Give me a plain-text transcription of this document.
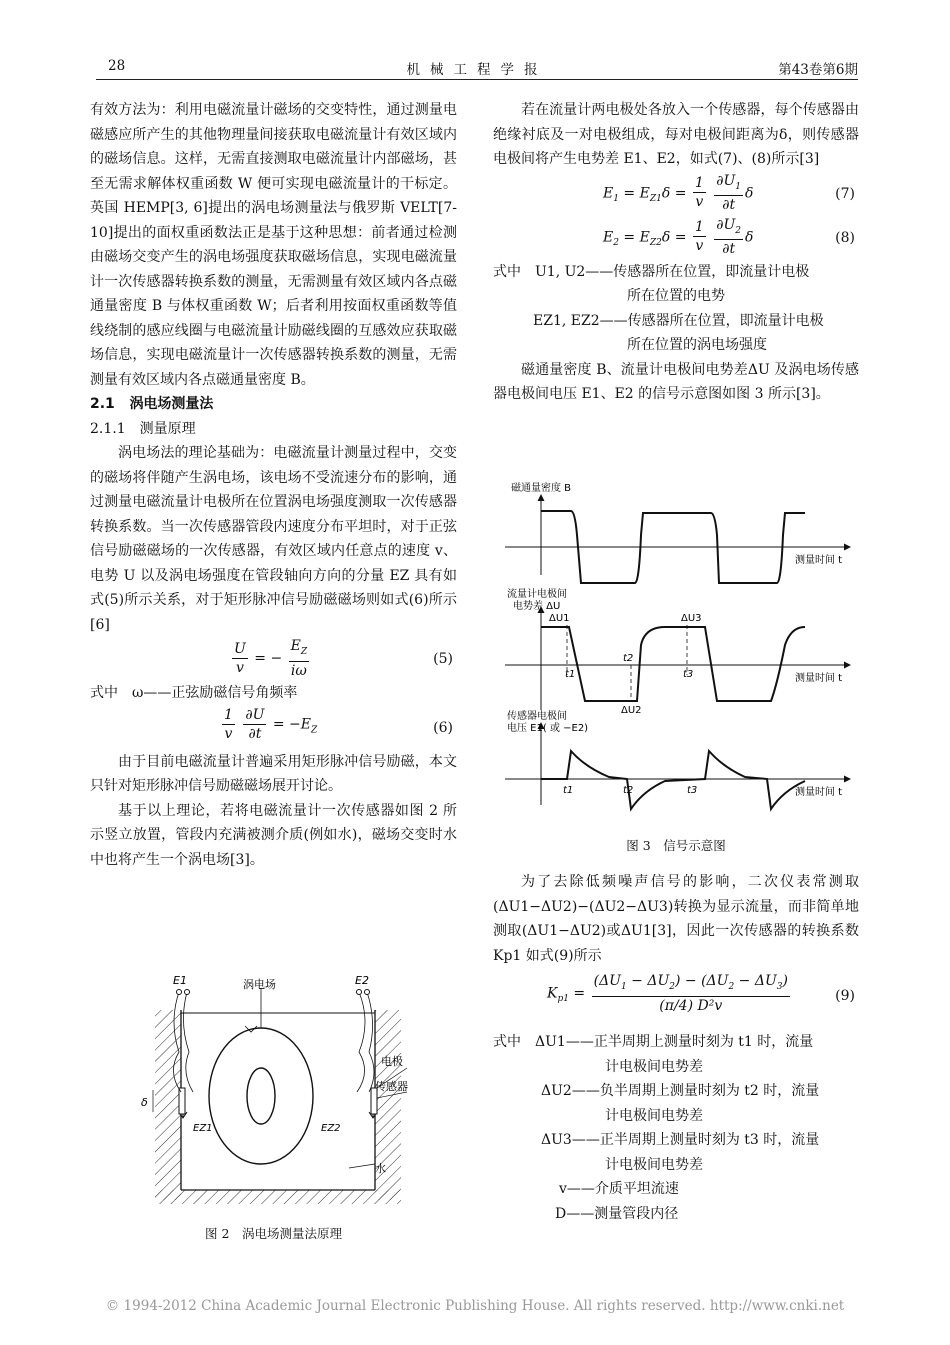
28	机械工程学报	第43卷第6期

有效方法为：利用电磁流量计磁场的交变特性，通过测量电磁感应所产生的其他物理量间接获取电磁流量计有效区域内的磁场信息。这样，无需直接测取电磁流量计内部磁场，甚至无需求解体权重函数 W 便可实现电磁流量计的干标定。英国 HEMP[3, 6]提出的涡电场测量法与俄罗斯 VELT[7-10]提出的面权重函数法正是基于这种思想：前者通过检测由磁场交变产生的涡电场强度获取磁场信息，实现电磁流量计一次传感器转换系数的测量，无需测量有效区域内各点磁通量密度 B 与体权重函数 W；后者利用按面权重函数等值线绕制的感应线圈与电磁流量计励磁线圈的互感效应获取磁场信息，实现电磁流量计一次传感器转换系数的测量，无需测量有效区域内各点磁通量密度 B。

2.1 涡电场测量法

2.1.1　测量原理

涡电场法的理论基础为：电磁流量计测量过程中，交变的磁场将伴随产生涡电场，该电场不受流速分布的影响，通过测量电磁流量计电极所在位置涡电场强度测取一次传感器转换系数。当一次传感器管段内速度分布平坦时，对于正弦信号励磁磁场的一次传感器，有效区域内任意点的速度 v、电势 U 以及涡电场强度在管段轴向方向的分量 EZ 具有如式(5)所示关系，对于矩形脉冲信号励磁磁场则如式(6)所示[6]

$\frac{U}{v}$ = − $\frac{E_Z}{i\omega}$	(5)

式中　ω——正弦励磁信号角频率

$\frac{1}{v}$
$\frac{\partial U}{\partial t} = -E_Z$	(6)

由于目前电磁流量计普遍采用矩形脉冲信号励磁，本文只针对矩形脉冲信号励磁磁场展开讨论。

基于以上理论，若将电磁流量计一次传感器如图 2 所示竖立放置，管段内充满被测介质(例如水)，磁场交变时水中也将产生一个涡电场[3]。

E1	E2
涡电场
电极
传感器
δ
EZ1	EZ2
水
图 2　涡电场测量法原理

若在流量计两电极处各放入一个传感器，每个传感器由绝缘衬底及一对电极组成，每对电极间距离为δ，则传感器电极间将产生电势差 E1、E2，如式(7)、(8)所示[3]

$E_1 = E_{Z1}\delta = \frac{1}{v}$
$\frac{\partial U_1}{\partial t}$ δ	(7)
$E_2 = E_{Z2}\delta = \frac{1}{v}$
$\frac{\partial U_2}{\partial t}$ δ	(8)

式中　U1, U2——传感器所在位置，即流量计电极

所在位置的电势

EZ1, EZ2——传感器所在位置，即流量计电极

所在位置的涡电场强度

磁通量密度 B、流量计电极间电势差ΔU 及涡电场传感器电极间电压 E1、E2 的信号示意图如图 3 所示[3]。

磁通量密度 B
测量时间 t
流量计电极间
电势差 ΔU
ΔU1
ΔU2
ΔU3
t1
t2
t3	测量时间 t
传感器电极间
电压 E1( 或 −E2)
t1	t2	t3	测量时间 t
图 3　信号示意图

为了去除低频噪声信号的影响，二次仪表常测取(ΔU1−ΔU2)−(ΔU2−ΔU3)转换为显示流量，而非简单地测取(ΔU1−ΔU2)或ΔU1[3]，因此一次传感器的转换系数 Kp1 如式(9)所示

$K_{p1} = \frac{(\Delta U_1 - \Delta U_2) - (\Delta U_2 - \Delta U_3)}{\text{(π/4) D²v}}$	(9)

式中　ΔU1——正半周期上测量时刻为 t1 时，流量

计电极间电势差

ΔU2——负半周期上测量时刻为 t2 时，流量

计电极间电势差

ΔU3——正半周期上测量时刻为 t3 时，流量

计电极间电势差

v——介质平坦流速

D——测量管段内径

© 1994-2012 China Academic Journal Electronic Publishing House. All rights reserved. http://www.cnki.net
